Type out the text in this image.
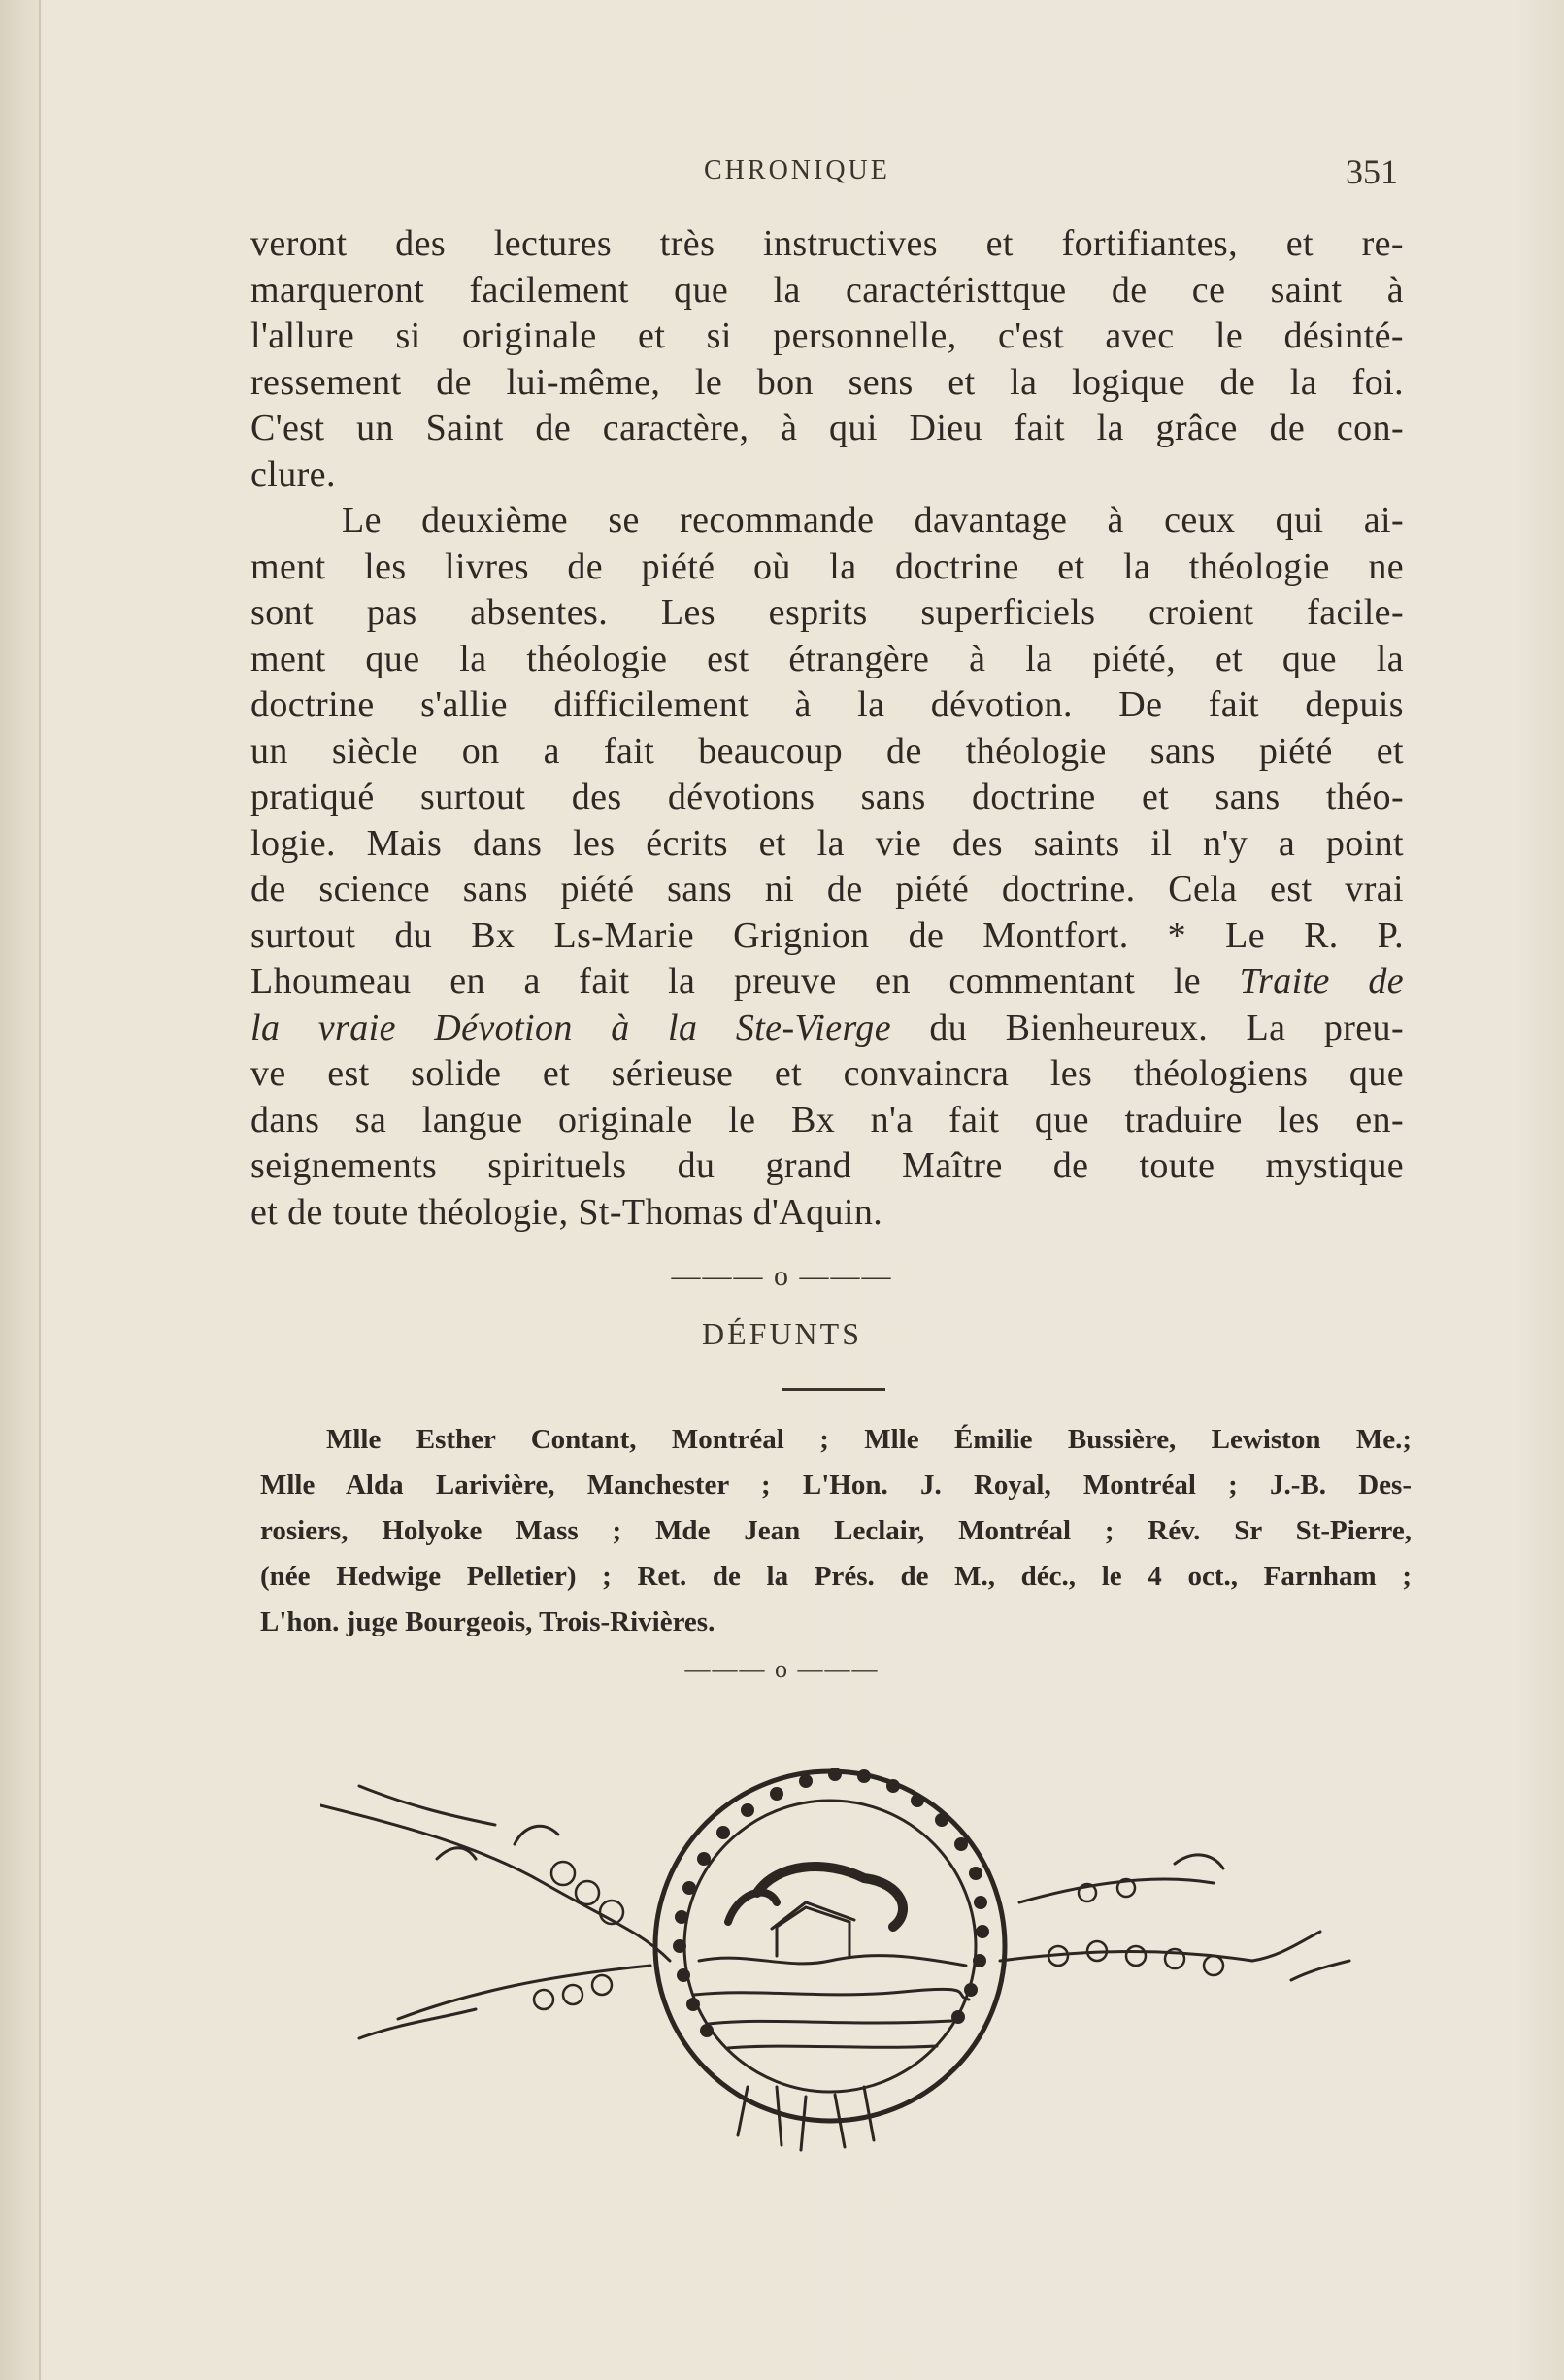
CHRONIQUE	351
veront des lectures très instructives et fortifiantes, et re-
marqueront facilement que la caractéristtque de ce saint à
l'allure si originale et si personnelle, c'est avec le désinté-
ressement de lui-même, le bon sens et la logique de la foi.
C'est un Saint de caractère, à qui Dieu fait la grâce de con-
clure.
Le deuxième se recommande davantage à ceux qui ai-
ment les livres de piété où la doctrine et la théologie ne
sont pas absentes. Les esprits superficiels croient facile-
ment que la théologie est étrangère à la piété, et que la
doctrine s'allie difficilement à la dévotion. De fait depuis
un siècle on a fait beaucoup de théologie sans piété et
pratiqué surtout des dévotions sans doctrine et sans théo-
logie. Mais dans les écrits et la vie des saints il n'y a point
de science sans piété sans ni de piété doctrine. Cela est vrai
surtout du Bx Ls-Marie Grignion de Montfort. * Le R. P.
Lhoumeau en a fait la preuve en commentant le Traite de
la vraie Dévotion à la Ste-Vierge du Bienheureux. La preu-
ve est solide et sérieuse et convaincra les théologiens que
dans sa langue originale le Bx n'a fait que traduire les en-
seignements spirituels du grand Maître de toute mystique
et de toute théologie, St-Thomas d'Aquin.
——— o ———
DÉFUNTS
Mlle Esther Contant, Montréal ; Mlle Émilie Bussière, Lewiston Me.;
Mlle Alda Larivière, Manchester ; L'Hon. J. Royal, Montréal ; J.-B. Des-
rosiers, Holyoke Mass ; Mde Jean Leclair, Montréal ; Rév. Sr St-Pierre,
(née Hedwige Pelletier) ; Ret. de la Prés. de M., déc., le 4 oct., Farnham ;
L'hon. juge Bourgeois, Trois-Rivières.
——— o ———
